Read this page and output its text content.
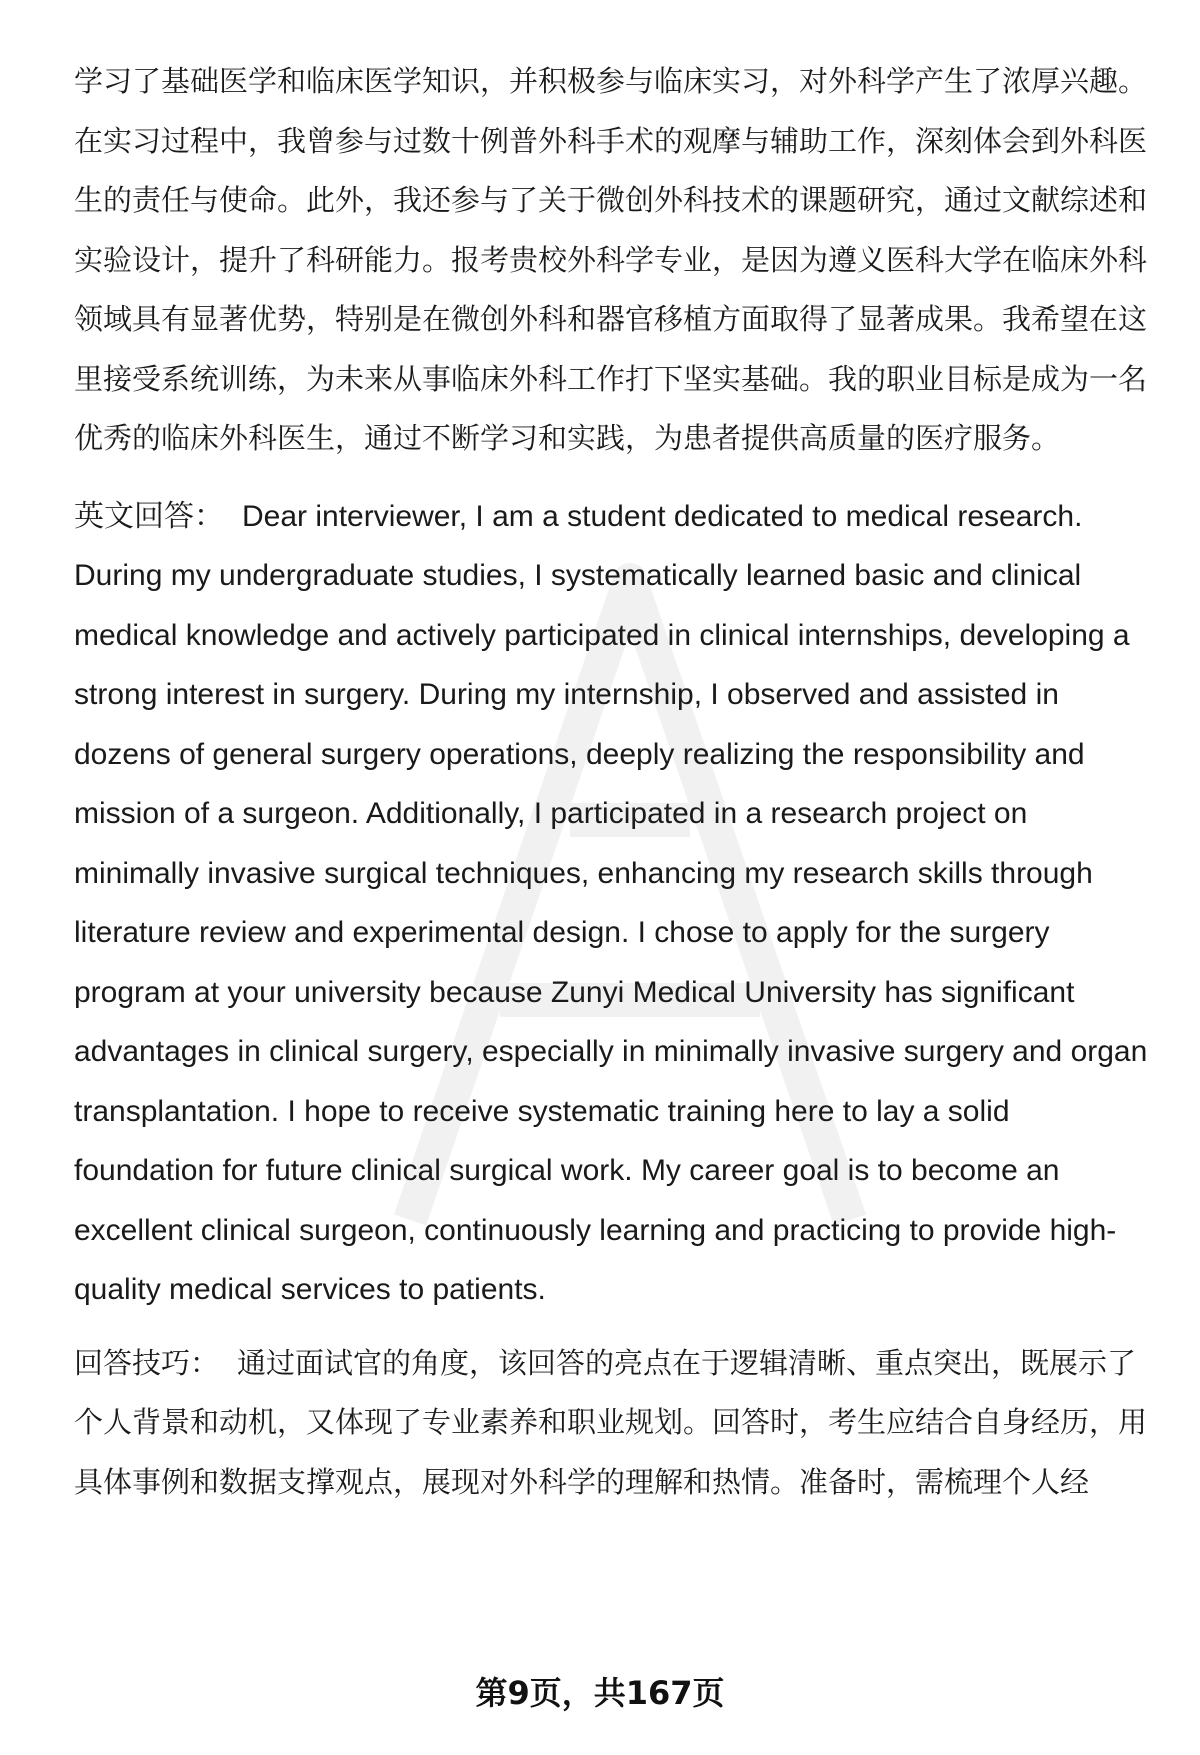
学习了基础医学和临床医学知识，并积极参与临床实习，对外科学产生了浓厚兴趣。在实习过程中，我曾参与过数十例普外科手术的观摩与辅助工作，深刻体会到外科医生的责任与使命。此外，我还参与了关于微创外科技术的课题研究，通过文献综述和实验设计，提升了科研能力。报考贵校外科学专业，是因为遵义医科大学在临床外科领域具有显著优势，特别是在微创外科和器官移植方面取得了显著成果。我希望在这里接受系统训练，为未来从事临床外科工作打下坚实基础。我的职业目标是成为一名优秀的临床外科医生，通过不断学习和实践，为患者提供高质量的医疗服务。

英文回答： Dear interviewer, I am a student dedicated to medical research. During my undergraduate studies, I systematically learned basic and clinical medical knowledge and actively participated in clinical internships, developing a strong interest in surgery. During my internship, I observed and assisted in dozens of general surgery operations, deeply realizing the responsibility and mission of a surgeon. Additionally, I participated in a research project on minimally invasive surgical techniques, enhancing my research skills through literature review and experimental design. I chose to apply for the surgery program at your university because Zunyi Medical University has significant advantages in clinical surgery, especially in minimally invasive surgery and organ transplantation. I hope to receive systematic training here to lay a solid foundation for future clinical surgical work. My career goal is to become an excellent clinical surgeon, continuously learning and practicing to provide high-quality medical services to patients.

回答技巧： 通过面试官的角度，该回答的亮点在于逻辑清晰、重点突出，既展示了个人背景和动机，又体现了专业素养和职业规划。回答时，考生应结合自身经历，用具体事例和数据支撑观点，展现对外科学的理解和热情。准备时，需梳理个人经

第9页，共167页
